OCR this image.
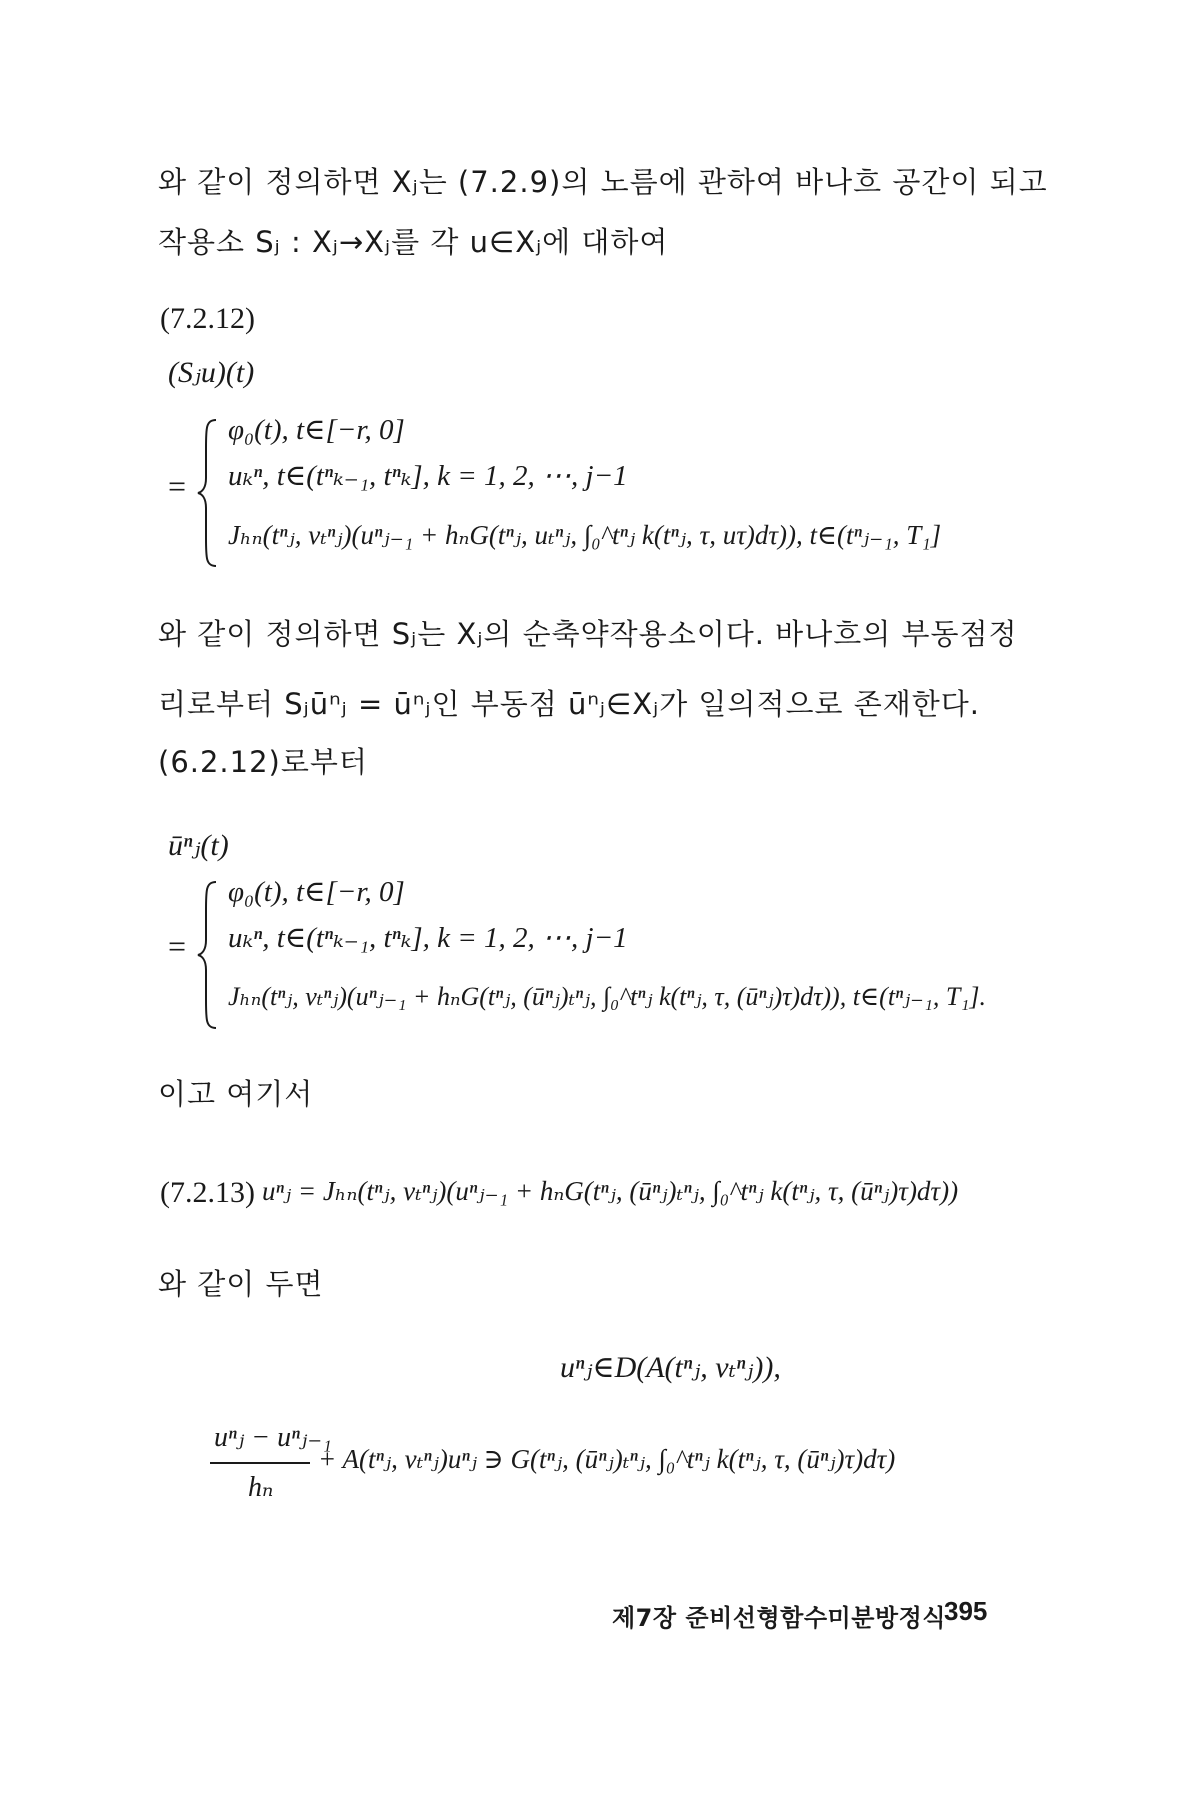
와 같이 정의하면 Xⱼ는 (7.2.9)의 노름에 관하여 바나흐 공간이 되고
작용소 Sⱼ : Xⱼ→Xⱼ를 각 u∈Xⱼ에 대하여
(7.2.12)
(Sⱼu)(t)
=
φ₀(t), t∈[−r, 0]
uₖⁿ, t∈(tⁿₖ₋₁, tⁿₖ], k = 1, 2, ⋯, j−1
Jₕₙ(tⁿⱼ, vₜⁿⱼ)(uⁿⱼ₋₁ + hₙG(tⁿⱼ, uₜⁿⱼ, ∫₀^tⁿⱼ k(tⁿⱼ, τ, uτ)dτ)), t∈(tⁿⱼ₋₁, T₁]
와 같이 정의하면 Sⱼ는 Xⱼ의 순축약작용소이다. 바나흐의 부동점정
리로부터 Sⱼūⁿⱼ = ūⁿⱼ인 부동점 ūⁿⱼ∈Xⱼ가 일의적으로 존재한다.
(6.2.12)로부터
ūⁿⱼ(t)
=
φ₀(t), t∈[−r, 0]
uₖⁿ, t∈(tⁿₖ₋₁, tⁿₖ], k = 1, 2, ⋯, j−1
Jₕₙ(tⁿⱼ, vₜⁿⱼ)(uⁿⱼ₋₁ + hₙG(tⁿⱼ, (ūⁿⱼ)ₜⁿⱼ, ∫₀^tⁿⱼ k(tⁿⱼ, τ, (ūⁿⱼ)τ)dτ)), t∈(tⁿⱼ₋₁, T₁].
이고 여기서
(7.2.13) uⁿⱼ = Jₕₙ(tⁿⱼ, vₜⁿⱼ)(uⁿⱼ₋₁ + hₙG(tⁿⱼ, (ūⁿⱼ)ₜⁿⱼ, ∫₀^tⁿⱼ k(tⁿⱼ, τ, (ūⁿⱼ)τ)dτ))
와 같이 두면
uⁿⱼ∈D(A(tⁿⱼ, vₜⁿⱼ)),
uⁿⱼ − uⁿⱼ₋₁
hₙ
+ A(tⁿⱼ, vₜⁿⱼ)uⁿⱼ ∋ G(tⁿⱼ, (ūⁿⱼ)ₜⁿⱼ, ∫₀^tⁿⱼ k(tⁿⱼ, τ, (ūⁿⱼ)τ)dτ)
제7장 준비선형함수미분방정식
395
